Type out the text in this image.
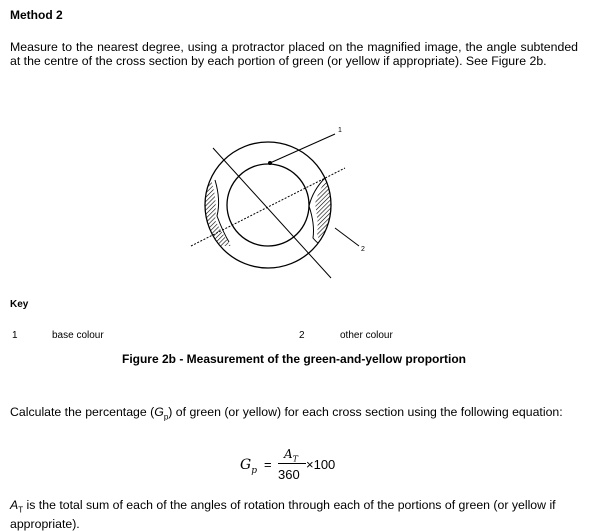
Method 2
Measure to the nearest degree, using a protractor placed on the magnified image, the angle subtended at the centre of the cross section by each portion of green (or yellow if appropriate). See Figure 2b.
1
2
Key
1	base colour	2	other colour
Figure 2b - Measurement of the green-and-yellow proportion
Calculate the percentage $(G_p)$ of green (or yellow) for each cross section using the following equation:
$G_p$ =
$A_T$
360
×100
$A_T$ is the total sum of each of the angles of rotation through each of the portions of green (or yellow if appropriate).
